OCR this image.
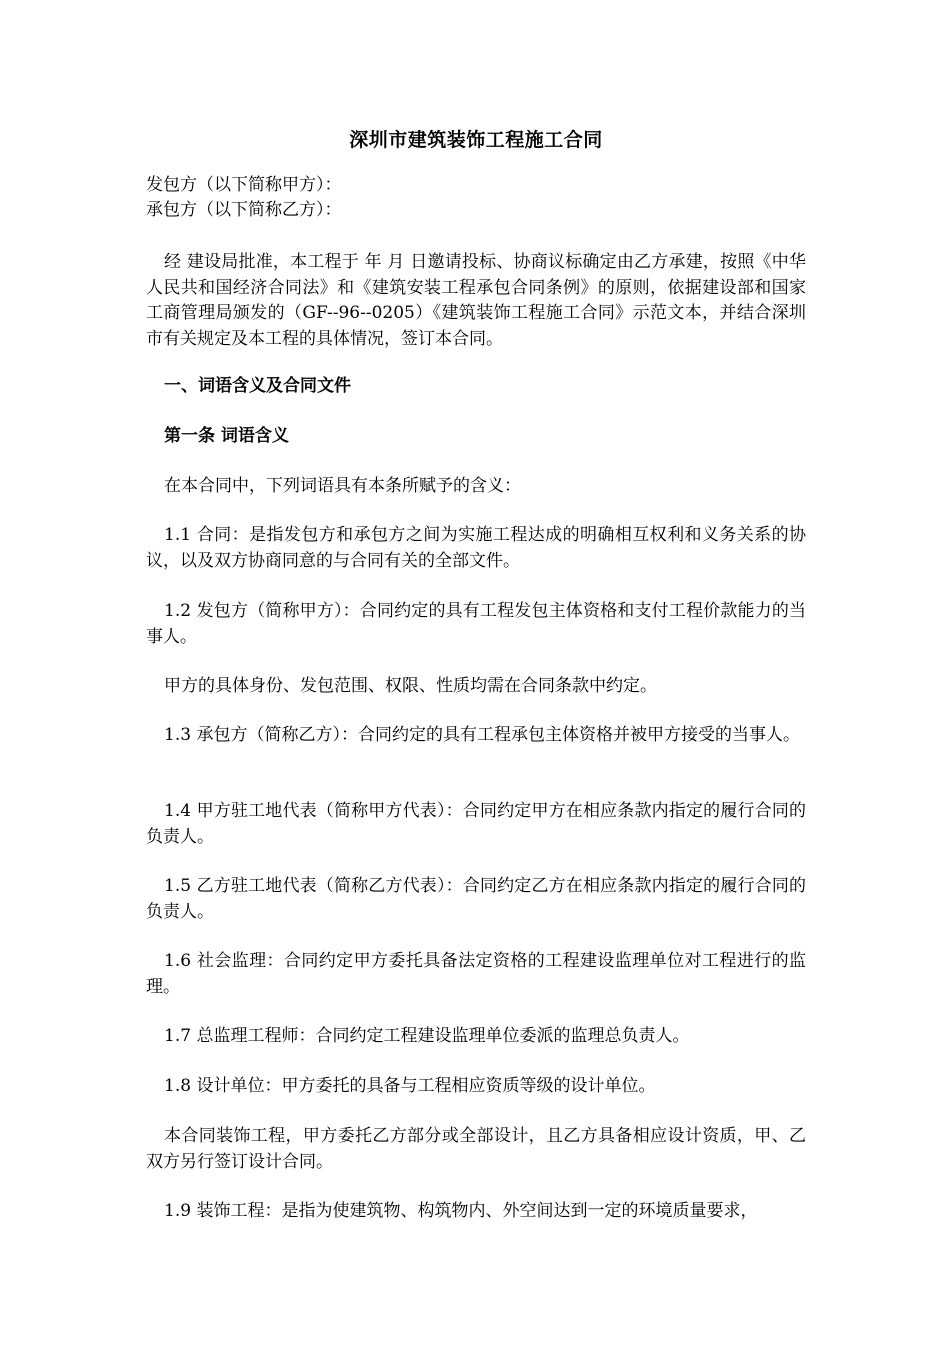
深圳市建筑装饰工程施工合同
发包方（以下简称甲方）：
承包方（以下简称乙方）：
经 建设局批准，本工程于 年 月 日邀请投标、协商议标确定由乙方承建，按照《中华人民共和国经济合同法》和《建筑安装工程承包合同条例》的原则，依据建设部和国家工商管理局颁发的（GF--96--0205）《建筑装饰工程施工合同》示范文本，并结合深圳市有关规定及本工程的具体情况，签订本合同。
一、词语含义及合同文件
第一条 词语含义
在本合同中，下列词语具有本条所赋予的含义：
1.1 合同：是指发包方和承包方之间为实施工程达成的明确相互权利和义务关系的协议，以及双方协商同意的与合同有关的全部文件。
1.2 发包方（简称甲方）：合同约定的具有工程发包主体资格和支付工程价款能力的当事人。
甲方的具体身份、发包范围、权限、性质均需在合同条款中约定。
1.3 承包方（简称乙方）：合同约定的具有工程承包主体资格并被甲方接受的当事人。
1.4 甲方驻工地代表（简称甲方代表）：合同约定甲方在相应条款内指定的履行合同的负责人。
1.5 乙方驻工地代表（简称乙方代表）：合同约定乙方在相应条款内指定的履行合同的负责人。
1.6 社会监理：合同约定甲方委托具备法定资格的工程建设监理单位对工程进行的监理。
1.7 总监理工程师：合同约定工程建设监理单位委派的监理总负责人。
1.8 设计单位：甲方委托的具备与工程相应资质等级的设计单位。
本合同装饰工程，甲方委托乙方部分或全部设计，且乙方具备相应设计资质，甲、乙双方另行签订设计合同。
1.9 装饰工程：是指为使建筑物、构筑物内、外空间达到一定的环境质量要求，
